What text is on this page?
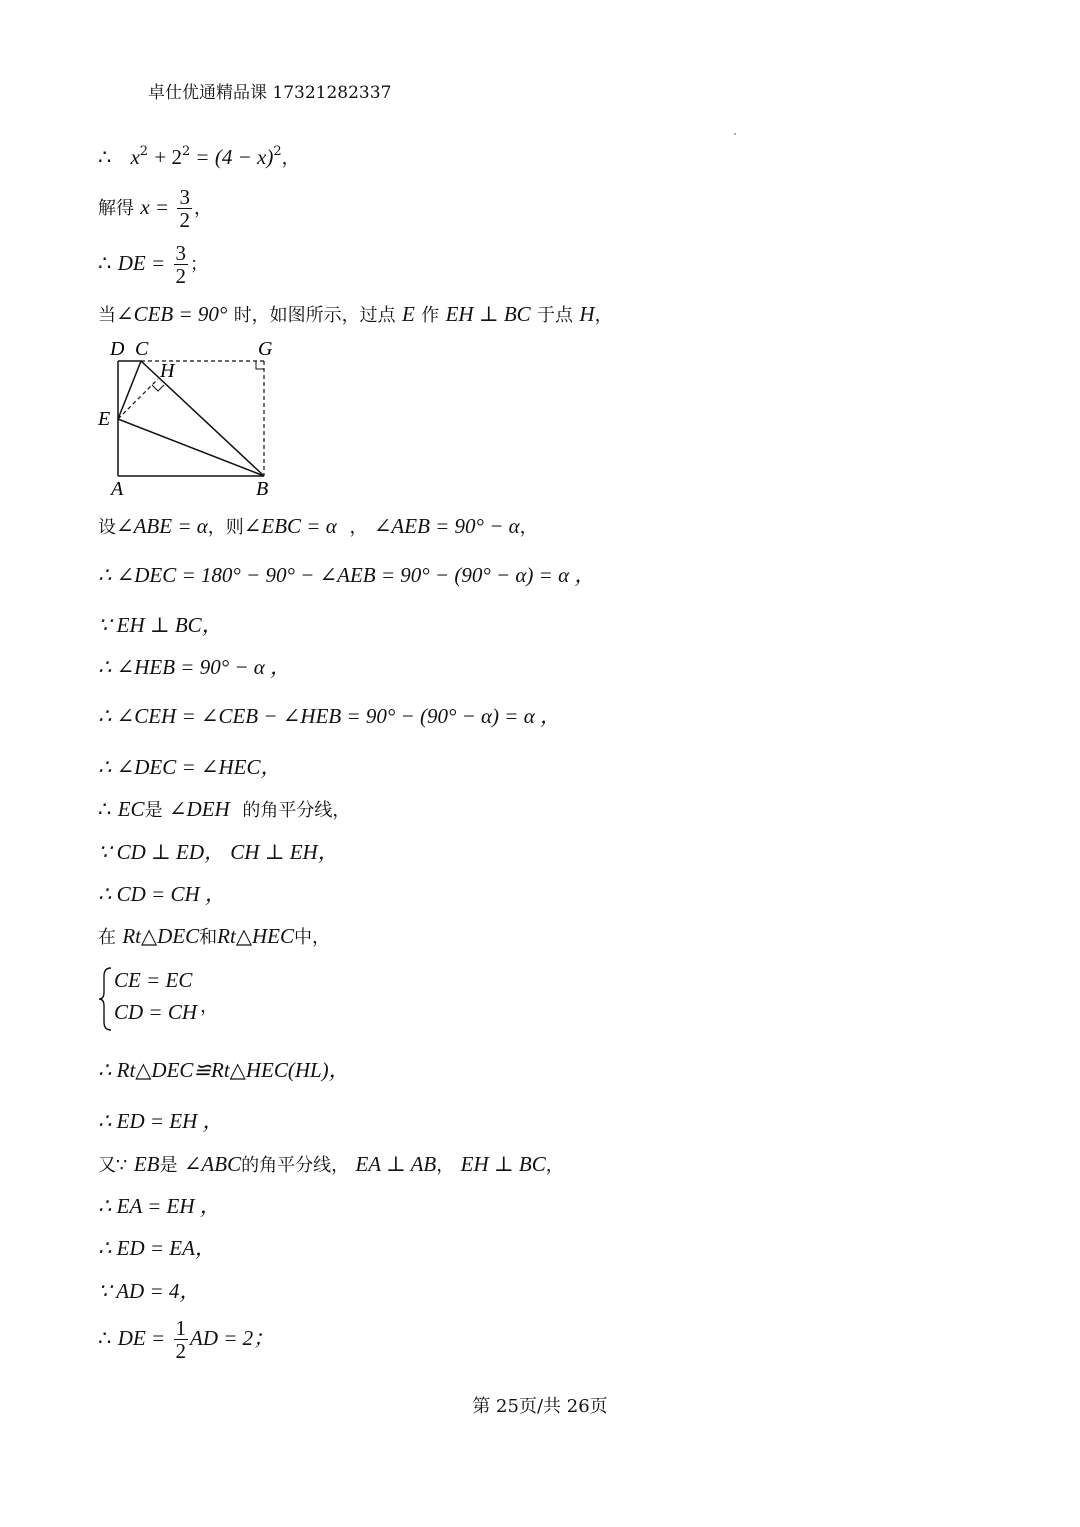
卓仕优通精品课 17321282337
∴ $x^2 + 2^2 = (4 - x)^2$，
解得 $x = \frac{3}{2}$ ，
∴ DE = $\frac{3}{2}$ ；
当∠CEB = 90° 时，如图所示，过点 E 作 EH ⊥ BC 于点 H，
D C	G
H
E
A	B
设∠ABE = α，则∠EBC = α ， ∠AEB = 90° − α，
∴ ∠DEC = 180° − 90° − ∠AEB = 90° − (90° − α) = α ，
∵ EH ⊥ BC，
∴ ∠HEB = 90° − α ，
∴ ∠CEH = ∠CEB − ∠HEB = 90° − (90° − α) = α ，
∴ ∠DEC = ∠HEC，
∴ EC是 ∠DEH 的角平分线，
∵ CD ⊥ ED， CH ⊥ EH，
∴ CD = CH ，
在 Rt△DEC和Rt△HEC中，
CE = EC
CD = CH ，
∴ Rt△DEC≌Rt△HEC(HL)，
∴ ED = EH ，
又∵ EB是 ∠ABC的角平分线， EA ⊥ AB， EH ⊥ BC，
∴ EA = EH ，
∴ ED = EA，
∵ AD = 4，
∴ DE = $\frac{1}{2}$ AD = 2；
第 25页/共 26页
